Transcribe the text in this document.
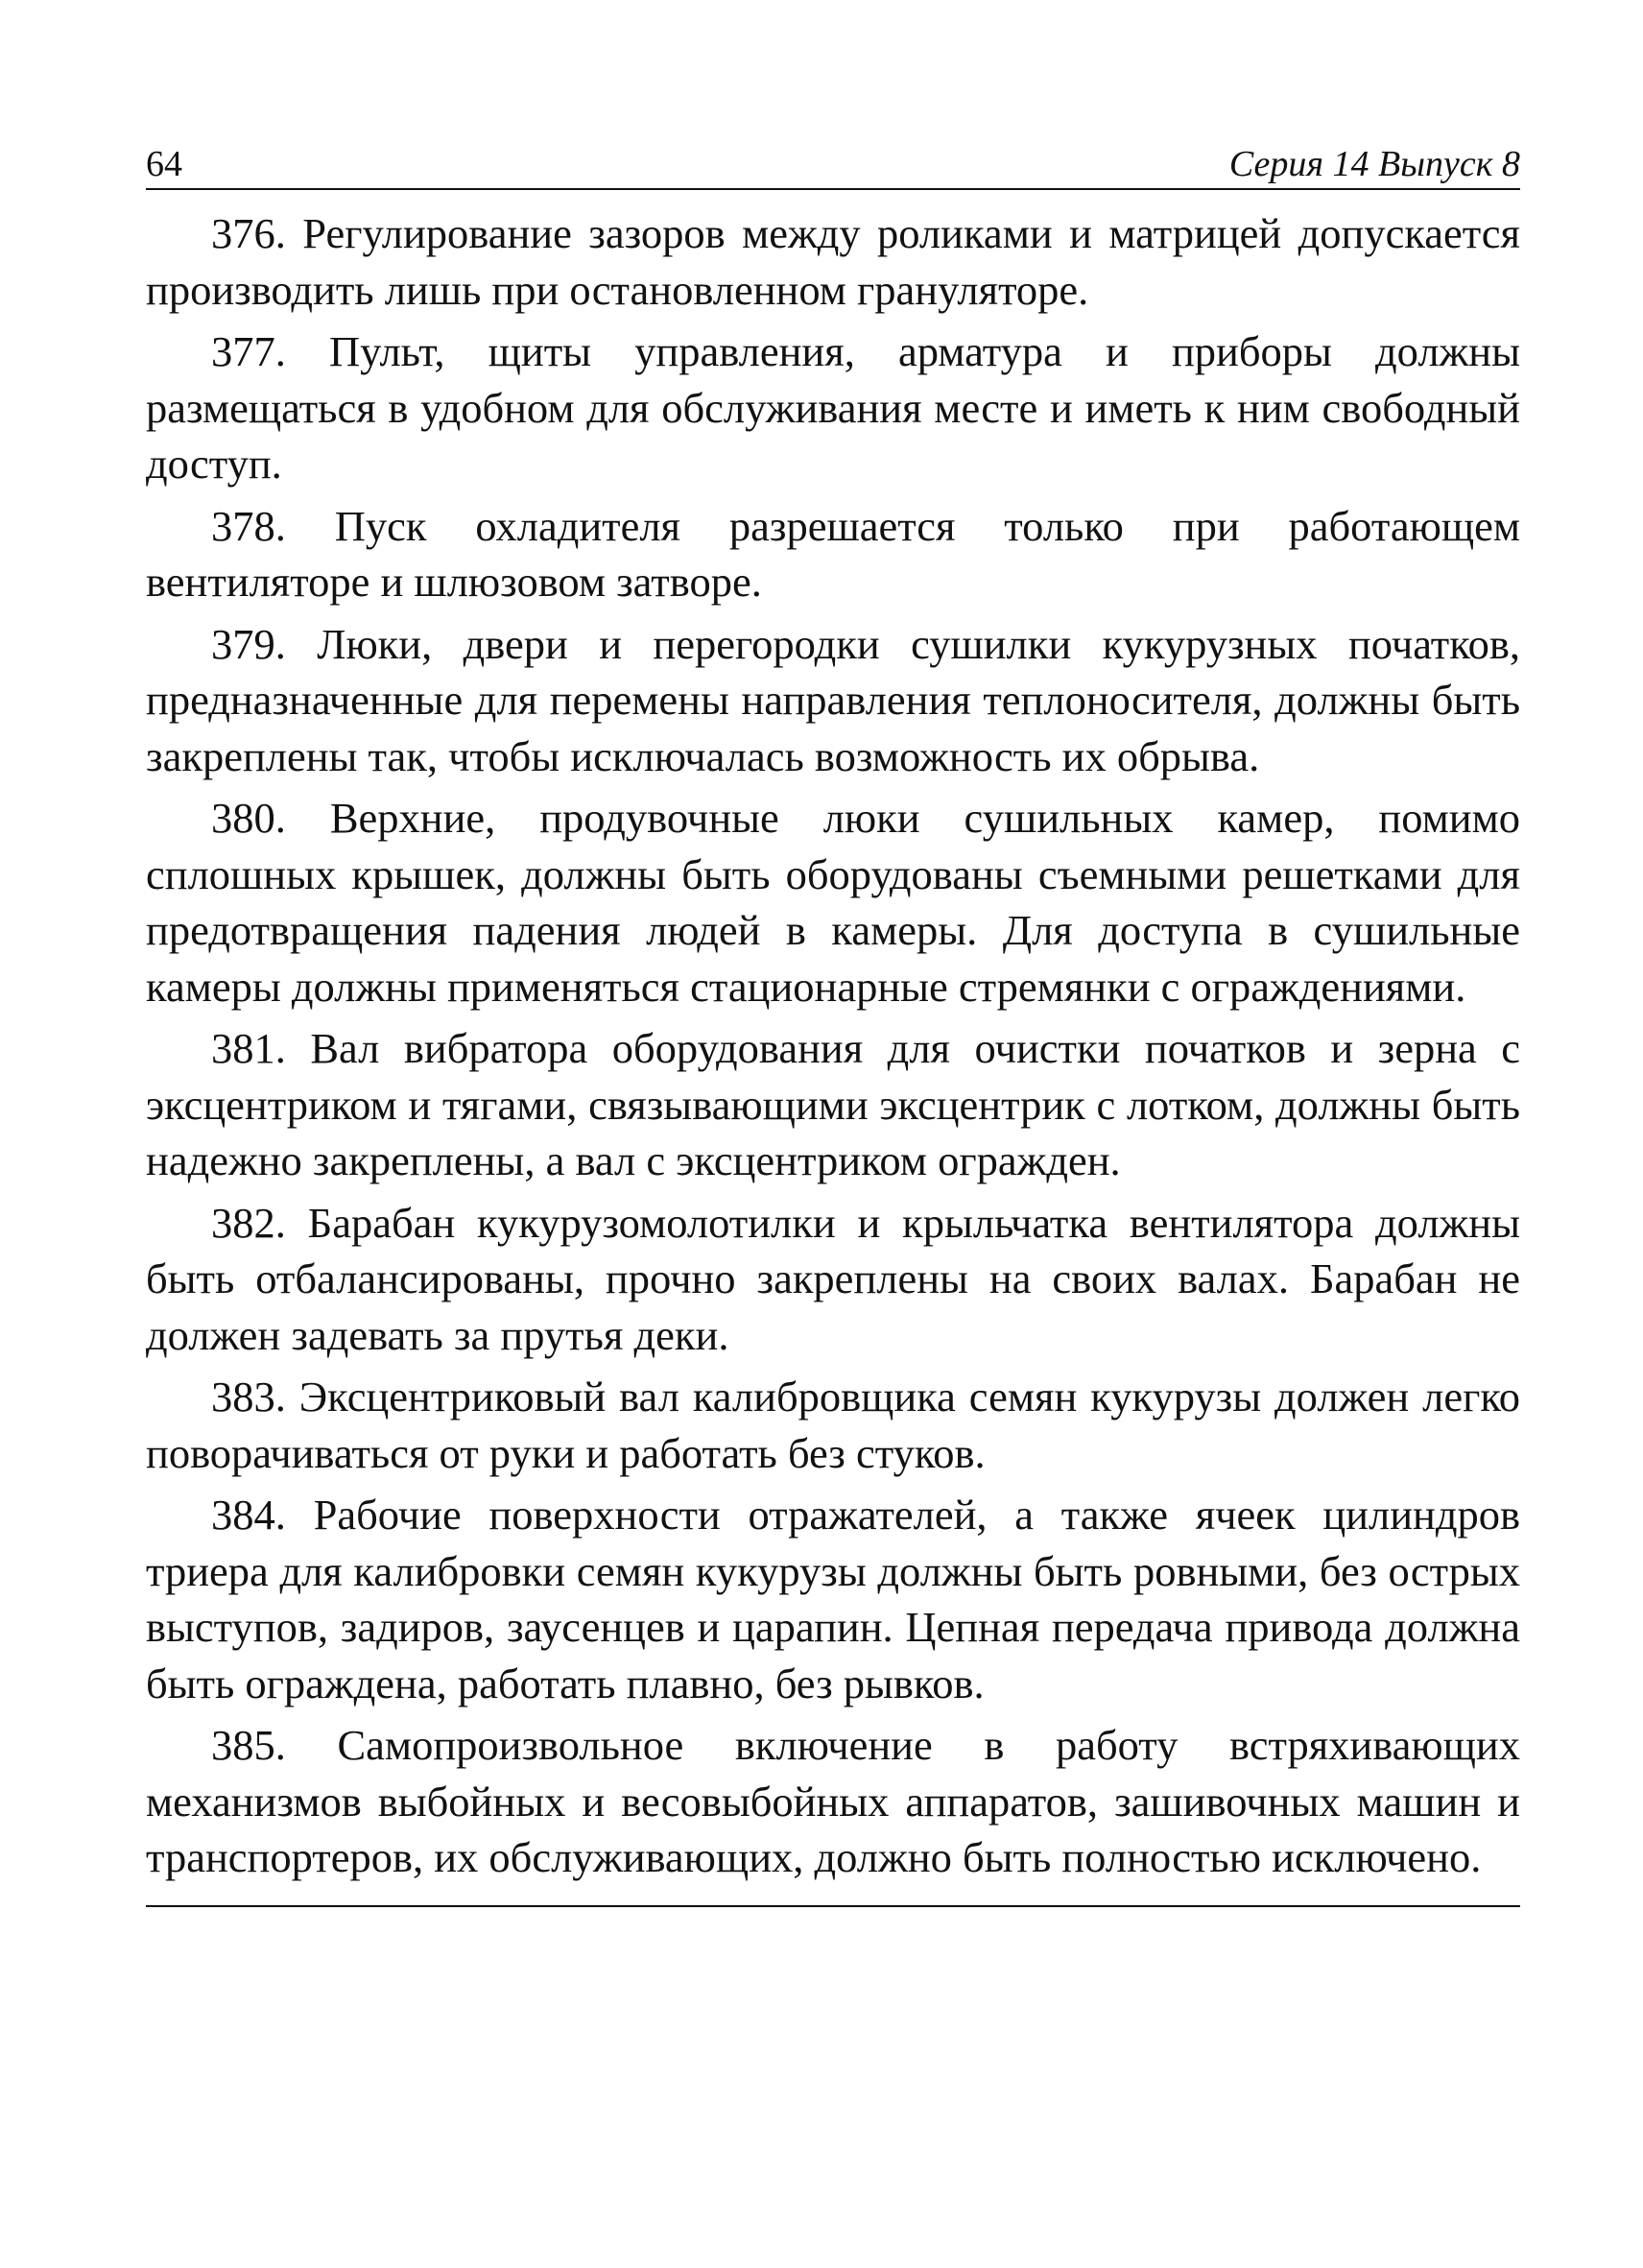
64	Серия 14 Выпуск 8

376. Регулирование зазоров между роликами и матрицей допускается производить лишь при остановленном грануляторе.

377. Пульт, щиты управления, арматура и приборы должны размещаться в удобном для обслуживания месте и иметь к ним свободный доступ.

378. Пуск охладителя разрешается только при работающем вентиляторе и шлюзовом затворе.

379. Люки, двери и перегородки сушилки кукурузных початков, предназначенные для перемены направления теплоносителя, должны быть закреплены так, чтобы исключалась возможность их обрыва.

380. Верхние, продувочные люки сушильных камер, помимо сплошных крышек, должны быть оборудованы съемными решетками для предотвращения падения людей в камеры. Для доступа в сушильные камеры должны применяться стационарные стремянки с ограждениями.

381. Вал вибратора оборудования для очистки початков и зерна с эксцентриком и тягами, связывающими эксцентрик с лотком, должны быть надежно закреплены, а вал с эксцентриком огражден.

382. Барабан кукурузомолотилки и крыльчатка вентилятора должны быть отбалансированы, прочно закреплены на своих валах. Барабан не должен задевать за прутья деки.

383. Эксцентриковый вал калибровщика семян кукурузы должен легко поворачиваться от руки и работать без стуков.

384. Рабочие поверхности отражателей, а также ячеек цилиндров триера для калибровки семян кукурузы должны быть ровными, без острых выступов, задиров, заусенцев и царапин. Цепная передача привода должна быть ограждена, работать плавно, без рывков.

385. Самопроизвольное включение в работу встряхивающих механизмов выбойных и весовыбойных аппаратов, зашивочных машин и транспортеров, их обслуживающих, должно быть полностью исключено.
